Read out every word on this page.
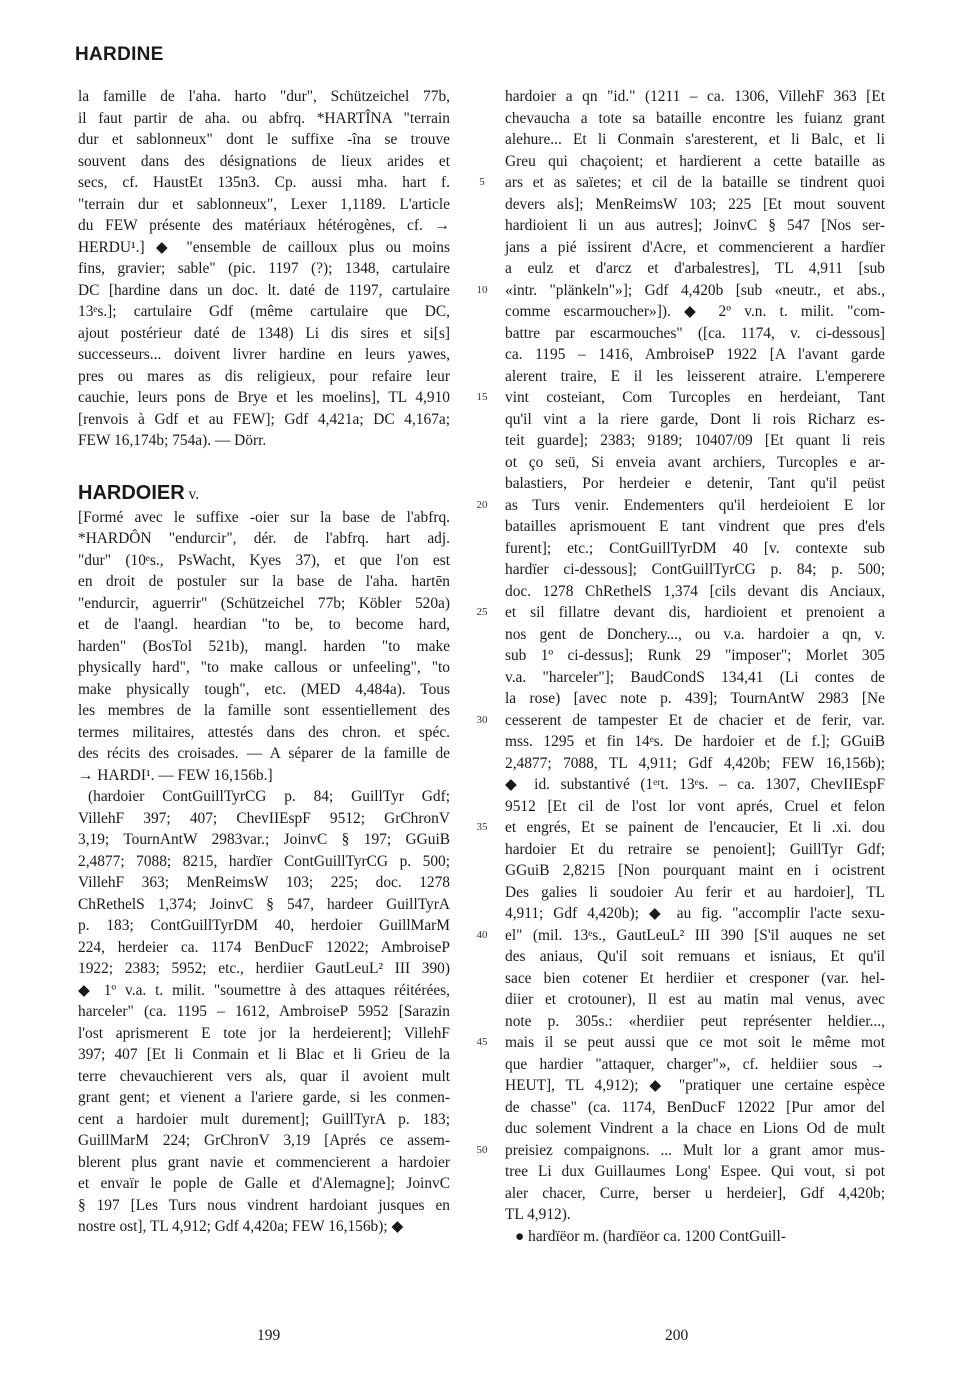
HARDINE
la famille de l'aha. harto "dur", Schützeichel 77b,
il faut partir de aha. ou abfrq. *HARTÎNA "terrain
dur et sablonneux" dont le suffixe -îna se trouve
souvent dans des désignations de lieux arides et
secs, cf. HaustEt 135n3. Cp. aussi mha. hart f.
"terrain dur et sablonneux", Lexer 1,1189. L'article
du FEW présente des matériaux hétérogènes, cf. →
HERDU¹.] ◆ "ensemble de cailloux plus ou moins
fins, gravier; sable" (pic. 1197 (?); 1348, cartulaire
DC [hardine dans un doc. lt. daté de 1197, cartulaire
13ᵉs.]; cartulaire Gdf (même cartulaire que DC,
ajout postérieur daté de 1348) Li dis sires et si[s]
successeurs... doivent livrer hardine en leurs yawes,
pres ou mares as dis religieux, pour refaire leur
cauchie, leurs pons de Brye et les moelins], TL 4,910
[renvois à Gdf et au FEW]; Gdf 4,421a; DC 4,167a;
FEW 16,174b; 754a). — Dörr.
HARDOIER v.
[Formé avec le suffixe -oier sur la base de l'abfrq.
*HARDÔN "endurcir", dér. de l'abfrq. hart adj.
"dur" (10ᵉs., PsWacht, Kyes 37), et que l'on est
en droit de postuler sur la base de l'aha. hartēn
"endurcir, aguerrir" (Schützeichel 77b; Köbler 520a)
et de l'aangl. heardian "to be, to become hard,
harden" (BosTol 521b), mangl. harden "to make
physically hard", "to make callous or unfeeling", "to
make physically tough", etc. (MED 4,484a). Tous
les membres de la famille sont essentiellement des
termes militaires, attestés dans des chron. et spéc.
des récits des croisades. — A séparer de la famille de
→ HARDI¹. — FEW 16,156b.]
(hardoier ContGuillTyrCG p. 84; GuillTyr Gdf;
VillehF 397; 407; ChevIIEspF 9512; GrChronV
3,19; TournAntW 2983var.; JoinvC § 197; GGuiB
2,4877; 7088; 8215, hardïer ContGuillTyrCG p. 500;
VillehF 363; MenReimsW 103; 225; doc. 1278
ChRethelS 1,374; JoinvC § 547, hardeer GuillTyrA
p. 183; ContGuillTyrDM 40, herdoier GuillMarM
224, herdeier ca. 1174 BenDucF 12022; AmbroiseP
1922; 2383; 5952; etc., herdiier GautLeuL² III 390)
◆ 1º v.a. t. milit. "soumettre à des attaques réitérées,
harceler" (ca. 1195 – 1612, AmbroiseP 5952 [Sarazin
l'ost aprismerent E tote jor la herdeierent]; VillehF
397; 407 [Et li Conmain et li Blac et li Grieu de la
terre chevauchierent vers als, quar il avoient mult
grant gent; et vienent a l'ariere garde, si les conmen-
cent a hardoier mult durement]; GuillTyrA p. 183;
GuillMarM 224; GrChronV 3,19 [Aprés ce assem-
blerent plus grant navie et commencierent a hardoier
et envaïr le pople de Galle et d'Alemagne]; JoinvC
§ 197 [Les Turs nous vindrent hardoiant jusques en
nostre ost], TL 4,912; Gdf 4,420a; FEW 16,156b); ◆
5
10
15
20
25
30
35
40
45
50
hardoier a qn "id." (1211 – ca. 1306, VillehF 363 [Et
chevaucha a tote sa bataille encontre les fuianz grant
alehure... Et li Conmain s'aresterent, et li Balc, et li
Greu qui chaçoient; et hardierent a cette bataille as
ars et as saïetes; et cil de la bataille se tindrent quoi
devers als]; MenReimsW 103; 225 [Et mout souvent
hardioient li un aus autres]; JoinvC § 547 [Nos ser-
jans a pié issirent d'Acre, et commencierent a hardïer
a eulz et d'arcz et d'arbalestres], TL 4,911 [sub
«intr. "plänkeln"»]; Gdf 4,420b [sub «neutr., et abs.,
comme escarmoucher»]). ◆ 2º v.n. t. milit. "com-
battre par escarmouches" ([ca. 1174, v. ci-dessous]
ca. 1195 – 1416, AmbroiseP 1922 [A l'avant garde
alerent traire, E il les leisserent atraire. L'emperere
vint costeiant, Com Turcoples en herdeiant, Tant
qu'il vint a la riere garde, Dont li rois Richarz es-
teit guarde]; 2383; 9189; 10407/09 [Et quant li reis
ot ço seü, Si enveia avant archiers, Turcoples e ar-
balastiers, Por herdeier e detenir, Tant qu'il peüst
as Turs venir. Endementers qu'il herdeioient E lor
batailles aprismouent E tant vindrent que pres d'els
furent]; etc.; ContGuillTyrDM 40 [v. contexte sub
hardïer ci-dessous]; ContGuillTyrCG p. 84; p. 500;
doc. 1278 ChRethelS 1,374 [cils devant dis Anciaux,
et sil fillatre devant dis, hardioient et prenoient a
nos gent de Donchery..., ou v.a. hardoier a qn, v.
sub 1º ci-dessus]; Runk 29 "imposer"; Morlet 305
v.a. "harceler"]; BaudCondS 134,41 (Li contes de
la rose) [avec note p. 439]; TournAntW 2983 [Ne
cesserent de tampester Et de chacier et de ferir, var.
mss. 1295 et fin 14ᵉs. De hardoier et de f.]; GGuiB
2,4877; 7088, TL 4,911; Gdf 4,420b; FEW 16,156b);
◆ id. substantivé (1ᵉʳt. 13ᵉs. – ca. 1307, ChevIIEspF
9512 [Et cil de l'ost lor vont aprés, Cruel et felon
et engrés, Et se painent de l'encaucier, Et li .xi. dou
hardoier Et du retraire se penoient]; GuillTyr Gdf;
GGuiB 2,8215 [Non pourquant maint en i ocistrent
Des galies li soudoier Au ferir et au hardoier], TL
4,911; Gdf 4,420b); ◆ au fig. "accomplir l'acte sexu-
el" (mil. 13ᵉs., GautLeuL² III 390 [S'il auques ne set
des aniaus, Qu'il soit remuans et isniaus, Et qu'il
sace bien cotener Et herdiier et cresponer (var. hel-
diier et crotouner), Il est au matin mal venus, avec
note p. 305s.: «herdiier peut représenter heldier...,
mais il se peut aussi que ce mot soit le même mot
que hardier "attaquer, charger"», cf. heldiier sous →
HEUT], TL 4,912); ◆ "pratiquer une certaine espèce
de chasse" (ca. 1174, BenDucF 12022 [Pur amor del
duc solement Vindrent a la chace en Lions Od de mult
preisiez compaignons. ... Mult lor a grant amor mus-
tree Li dux Guillaumes Long' Espee. Qui vout, si pot
aler chacer, Curre, berser u herdeier], Gdf 4,420b;
TL 4,912).
● hardïëor m. (hardïëor ca. 1200 ContGuill-
199	200
